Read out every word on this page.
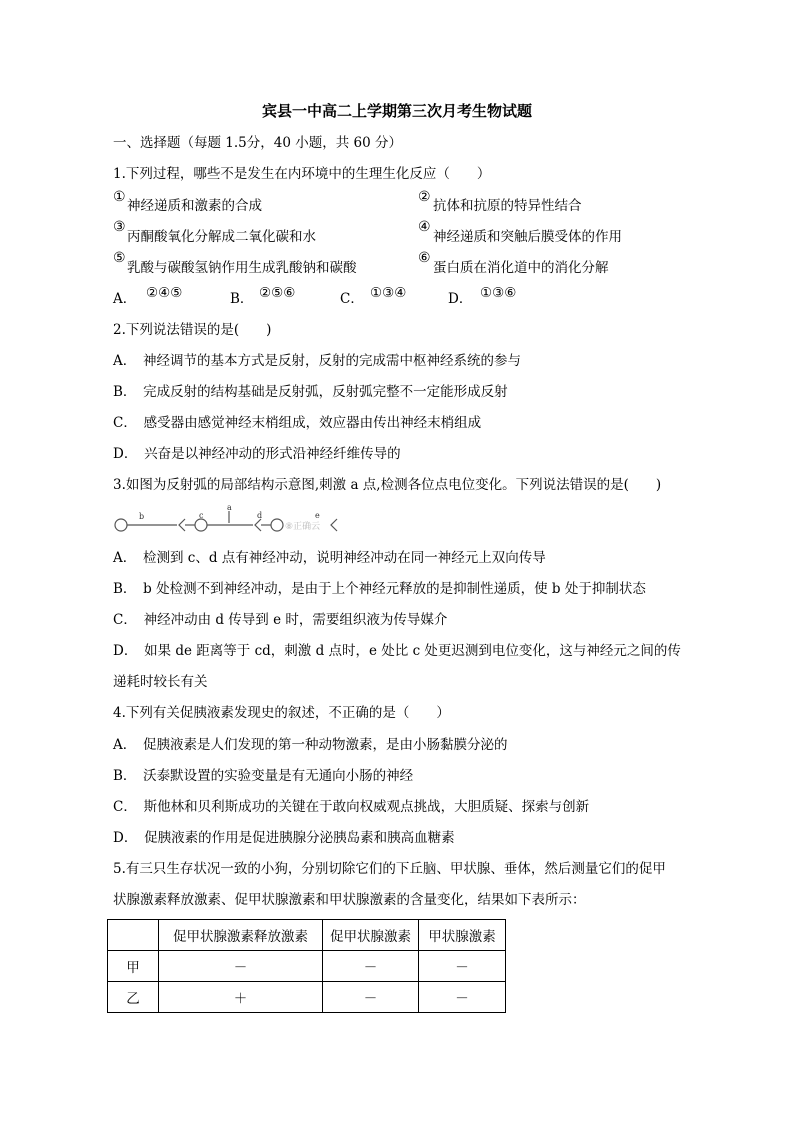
宾县一中高二上学期第三次月考生物试题
一、选择题（每题 1.5分，40 小题，共 60 分）
1.下列过程，哪些不是发生在内环境中的生理生化反应（　　）
①
神经递质和激素的合成
②
抗体和抗原的特异性结合
③
丙酮酸氧化分解成二氧化碳和水
④
神经递质和突触后膜受体的作用
⑤
乳酸与碳酸氢钠作用生成乳酸钠和碳酸
⑥
蛋白质在消化道中的消化分解
A． ②④⑤	B． ②⑤⑥	C． ①③④	D． ①③⑥
2.下列说法错误的是(　　)
A．　神经调节的基本方式是反射，反射的完成需中枢神经系统的参与
B．　完成反射的结构基础是反射弧，反射弧完整不一定能形成反射
C．　感受器由感觉神经末梢组成，效应器由传出神经末梢组成
D．　兴奋是以神经冲动的形式沿神经纤维传导的
3.如图为反射弧的局部结构示意图,刺激 a 点,检测各位点电位变化。下列说法错误的是(　　)
b	c
a
d	e
⑧正确云
A．　检测到 c、d 点有神经冲动，说明神经冲动在同一神经元上双向传导
B．　b 处检测不到神经冲动，是由于上个神经元释放的是抑制性递质，使 b 处于抑制状态
C．　神经冲动由 d 传导到 e 时，需要组织液为传导媒介
D．　如果 de 距离等于 cd，刺激 d 点时，e 处比 c 处更迟测到电位变化，这与神经元之间的传
递耗时较长有关
4.下列有关促胰液素发现史的叙述，不正确的是（　　）
A．　促胰液素是人们发现的第一种动物激素，是由小肠黏膜分泌的
B．　沃泰默设置的实验变量是有无通向小肠的神经
C．　斯他林和贝利斯成功的关键在于敢向权威观点挑战，大胆质疑、探索与创新
D．　促胰液素的作用是促进胰腺分泌胰岛素和胰高血糖素
5.有三只生存状况一致的小狗，分别切除它们的下丘脑、甲状腺、垂体，然后测量它们的促甲
状腺激素释放激素、促甲状腺激素和甲状腺激素的含量变化，结果如下表所示：
	促甲状腺激素释放激素	促甲状腺激素	甲状腺激素
甲	－	－	－
乙	＋	－	－
